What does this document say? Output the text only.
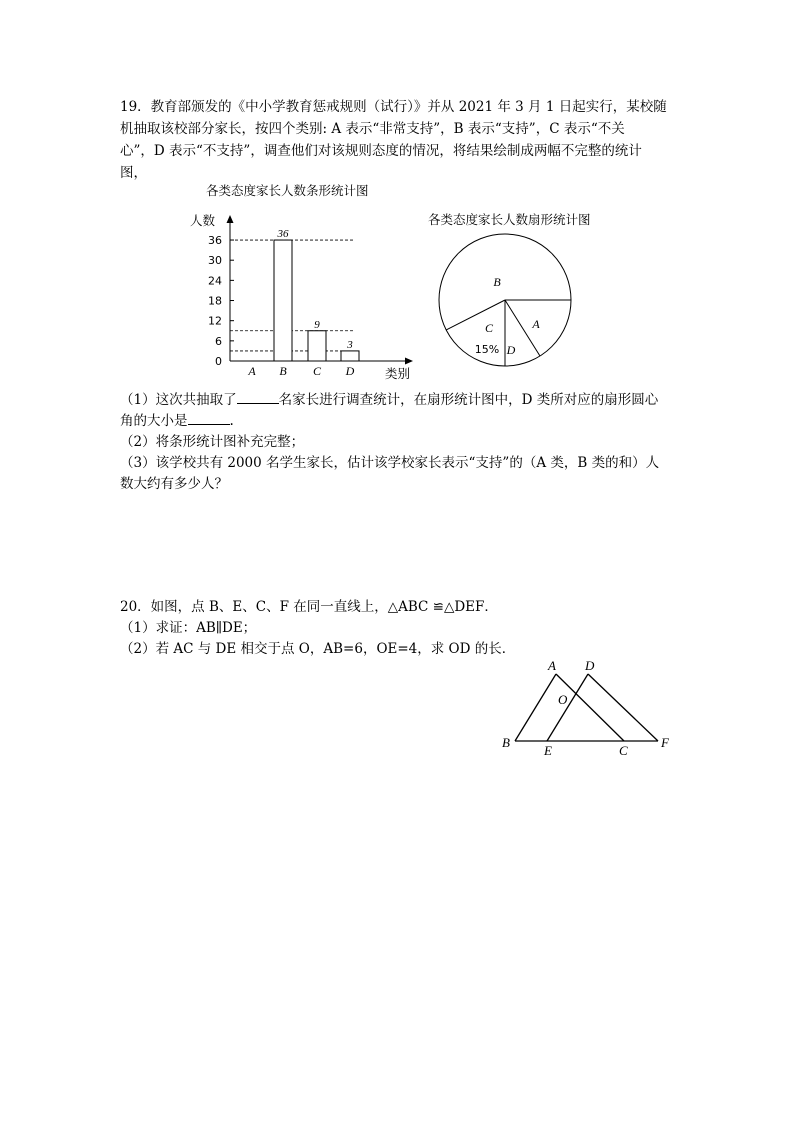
19．教育部颁发的《中小学教育惩戒规则（试行）》并从 2021 年 3 月 1 日起实行，某校随
机抽取该校部分家长，按四个类别: A 表示“非常支持”，B 表示“支持”，C 表示“不关
心”，D 表示“不支持”，调查他们对该规则态度的情况，将结果绘制成两幅不完整的统计
图，
各类态度家长人数条形统计图
人数
类别
0
6
12
18
24
30
36
A
36
B
9
C
3
D
各类态度家长人数扇形统计图
B
A
D
C
15%
（1）这次共抽取了	名家长进行调查统计，在扇形统计图中，D 类所对应的扇形圆心
角的大小是	.
（2）将条形统计图补充完整；
（3）该学校共有 2000 名学生家长，估计该学校家长表示“支持”的（A 类，B 类的和）人
数大约有多少人？
20．如图，点 B、E、C、F 在同一直线上，△ABC ≌△DEF．
（1）求证：AB∥DE；
（2）若 AC 与 DE 相交于点 O，AB=6，OE=4，求 OD 的长．
A D
O
B
E	C
F
